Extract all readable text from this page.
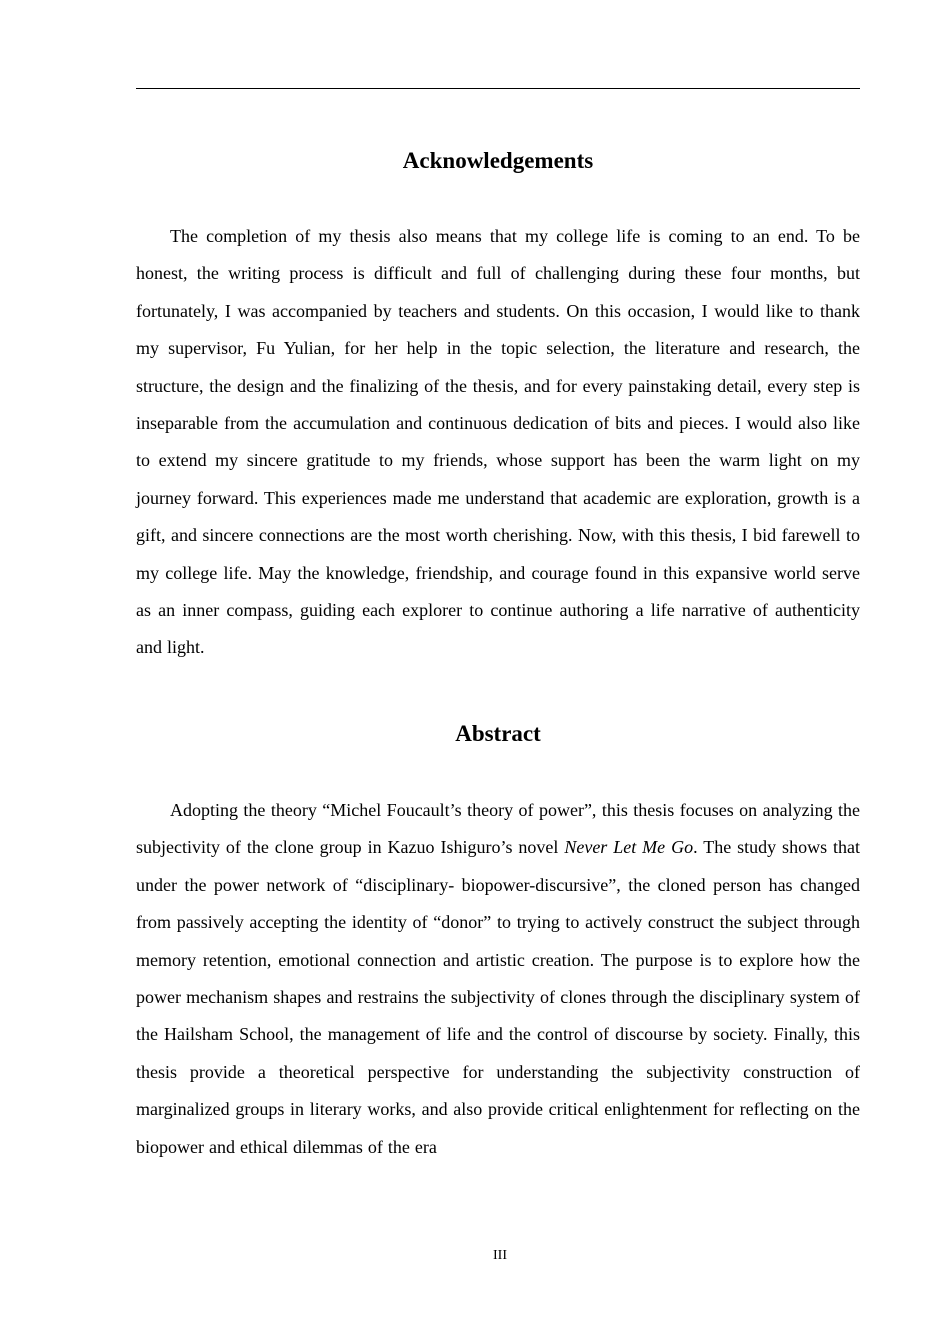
Acknowledgements

The completion of my thesis also means that my college life is coming to an end. To be honest, the writing process is difficult and full of challenging during these four months, but fortunately, I was accompanied by teachers and students. On this occasion, I would like to thank my supervisor, Fu Yulian, for her help in the topic selection, the literature and research, the structure, the design and the finalizing of the thesis, and for every painstaking detail, every step is inseparable from the accumulation and continuous dedication of bits and pieces. I would also like to extend my sincere gratitude to my friends, whose support has been the warm light on my journey forward. This experiences made me understand that academic are exploration, growth is a gift, and sincere connections are the most worth cherishing. Now, with this thesis, I bid farewell to my college life. May the knowledge, friendship, and courage found in this expansive world serve as an inner compass, guiding each explorer to continue authoring a life narrative of authenticity and light.

Abstract

Adopting the theory “Michel Foucault’s theory of power”, this thesis focuses on analyzing the subjectivity of the clone group in Kazuo Ishiguro’s novel Never Let Me Go. The study shows that under the power network of “disciplinary- biopower-discursive”, the cloned person has changed from passively accepting the identity of “donor” to trying to actively construct the subject through memory retention, emotional connection and artistic creation. The purpose is to explore how the power mechanism shapes and restrains the subjectivity of clones through the disciplinary system of the Hailsham School, the management of life and the control of discourse by society. Finally, this thesis provide a theoretical perspective for understanding the subjectivity construction of marginalized groups in literary works, and also provide critical enlightenment for reflecting on the biopower and ethical dilemmas of the era

III
